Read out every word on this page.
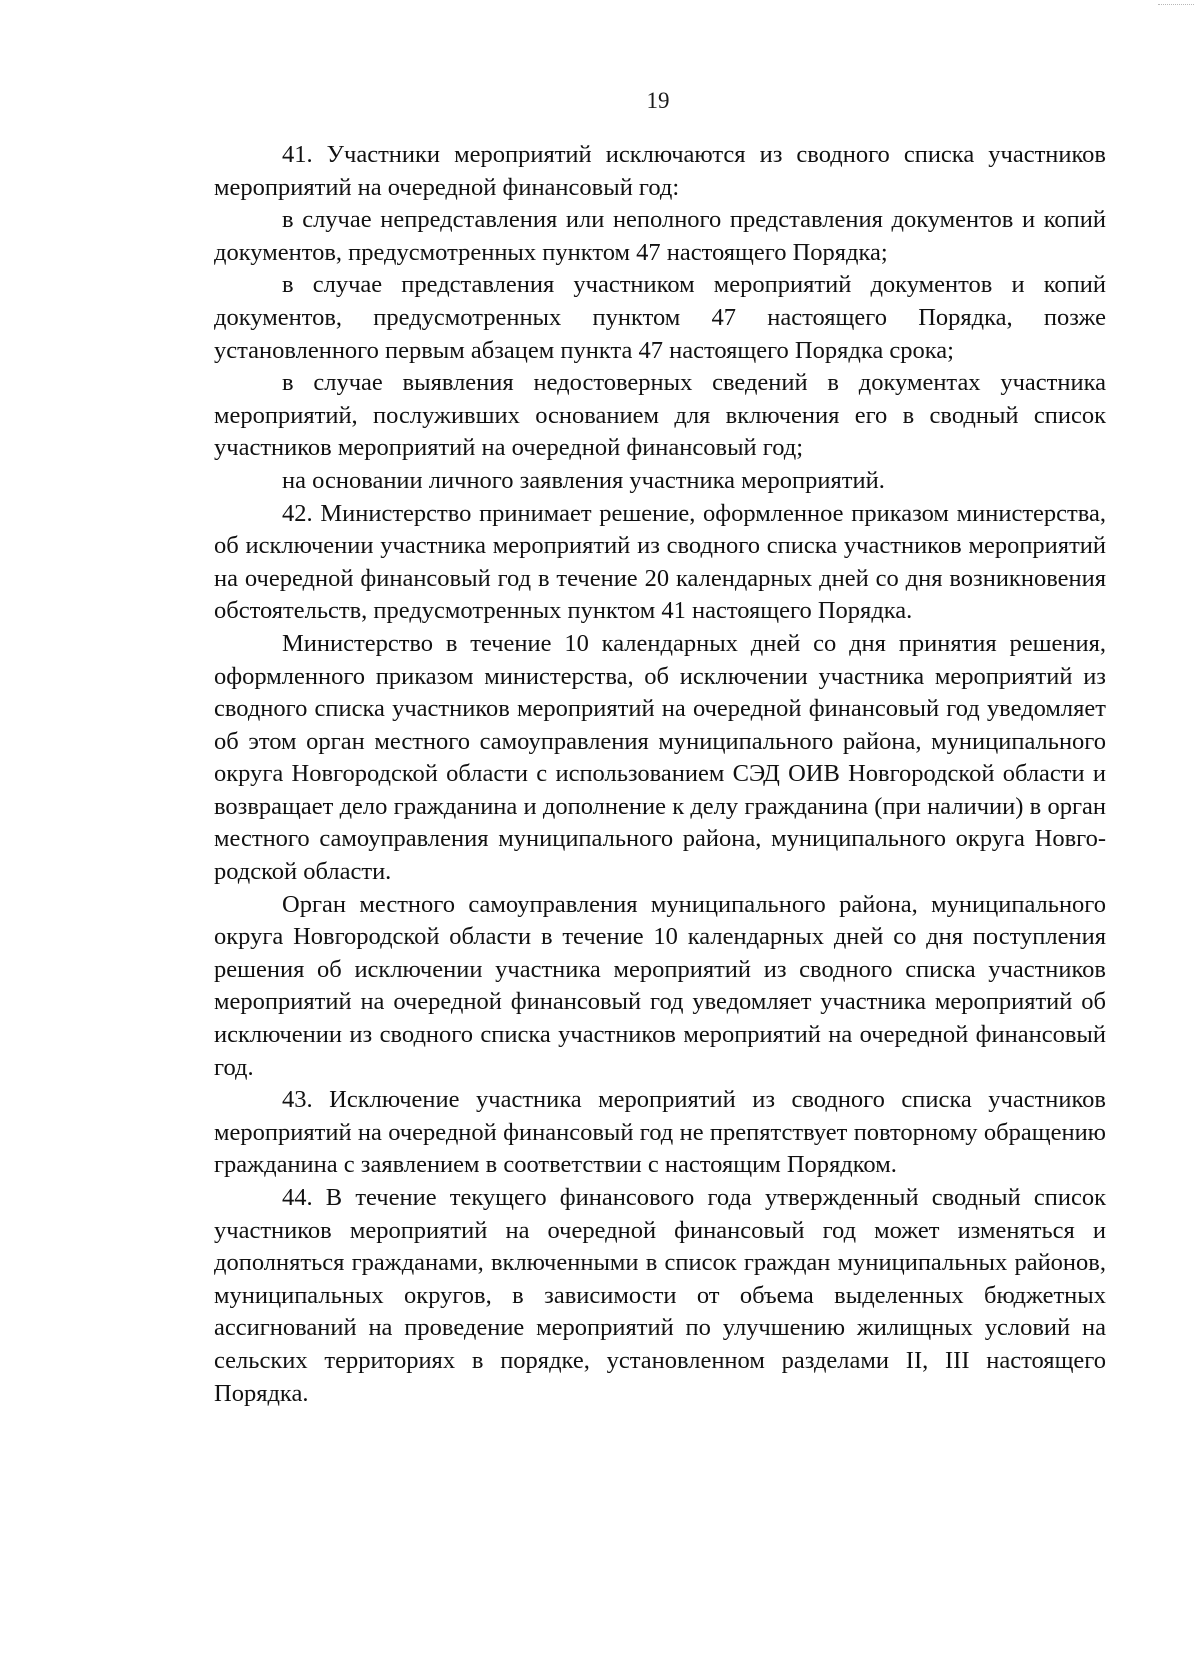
19

41. Участники мероприятий исключаются из сводного списка участников мероприятий на очередной финансовый год:

в случае непредставления или неполного представления документов и копий документов, предусмотренных пунктом 47 настоящего Порядка;

в случае представления участником мероприятий документов и копий документов, предусмотренных пунктом 47 настоящего Порядка, позже установленного первым абзацем пункта 47 настоящего Порядка срока;

в случае выявления недостоверных сведений в документах участника мероприятий, послуживших основанием для включения его в сводный список участников мероприятий на очередной финансовый год;

на основании личного заявления участника мероприятий.

42. Министерство принимает решение, оформленное приказом министерства, об исключении участника мероприятий из сводного списка участников мероприятий на очередной финансовый год в течение 20 календарных дней со дня возникновения обстоятельств, предусмотренных пунктом 41 настоящего Порядка.

Министерство в течение 10 календарных дней со дня принятия решения, оформленного приказом министерства, об исключении участника мероприятий из сводного списка участников мероприятий на очередной финансовый год уведомляет об этом орган местного самоуправления муниципального района, муниципального округа Новгородской области с использованием СЭД ОИВ Новгородской области и возвращает дело гражданина и дополнение к делу гражданина (при наличии) в орган местного самоуправления муниципального района, муниципального округа Новгородской области.

Орган местного самоуправления муниципального района, муниципального округа Новгородской области в течение 10 календарных дней со дня поступления решения об исключении участника мероприятий из сводного списка участников мероприятий на очередной финансовый год уведомляет участника мероприятий об исключении из сводного списка участников мероприятий на очередной финансовый год.

43. Исключение участника мероприятий из сводного списка участников мероприятий на очередной финансовый год не препятствует повторному обращению гражданина с заявлением в соответствии с настоящим Порядком.

44. В течение текущего финансового года утвержденный сводный список участников мероприятий на очередной финансовый год может изменяться и дополняться гражданами, включенными в список граждан муниципальных районов, муниципальных округов, в зависимости от объема выделенных бюджетных ассигнований на проведение мероприятий по улучшению жилищных условий на сельских территориях в порядке, установленном разделами II, III настоящего Порядка.
